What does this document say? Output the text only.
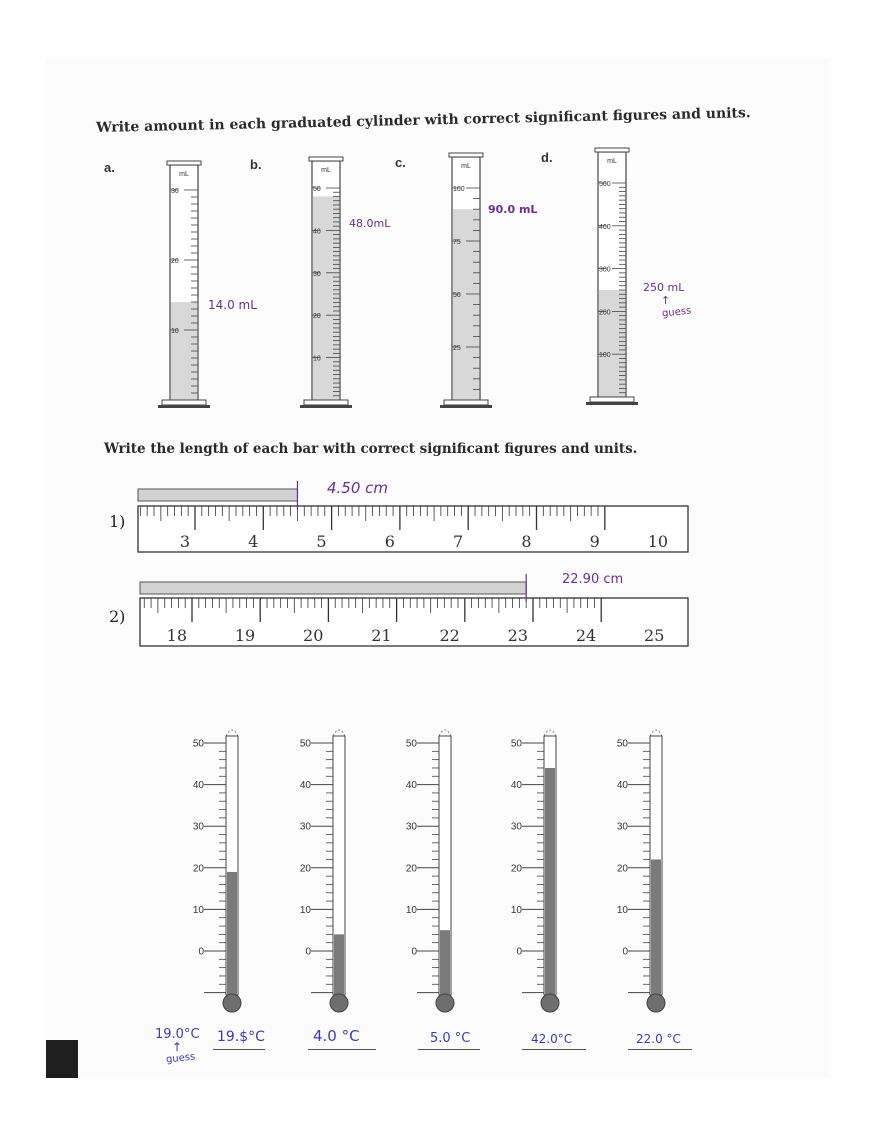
Write amount in each graduated cylinder with correct significant figures and units.
Write the length of each bar with correct significant figures and units.
a.	b.	c.	d.
mL
30
20
10
mL
50
40
30
20
10
mL
100
75
50
25
mL
500
400
300
200
100
3	4	5	6	7	8	9	10
18	19	20	21	22	23	24	25
50
40
30
20
10
0
50
40
30
20
10
0
50
40
30
20
10
0
50
40
30
20
10
0
50
40
30
20
10
0
14.0 mL
48.0mL
90.0 mL
250 mL
↑
guess
1)
2)
4.50 cm
22.90 cm
19.0°C
↑
guess
19.$°C	4.0 °C	5.0 °C	42.0°C	22.0 °C
